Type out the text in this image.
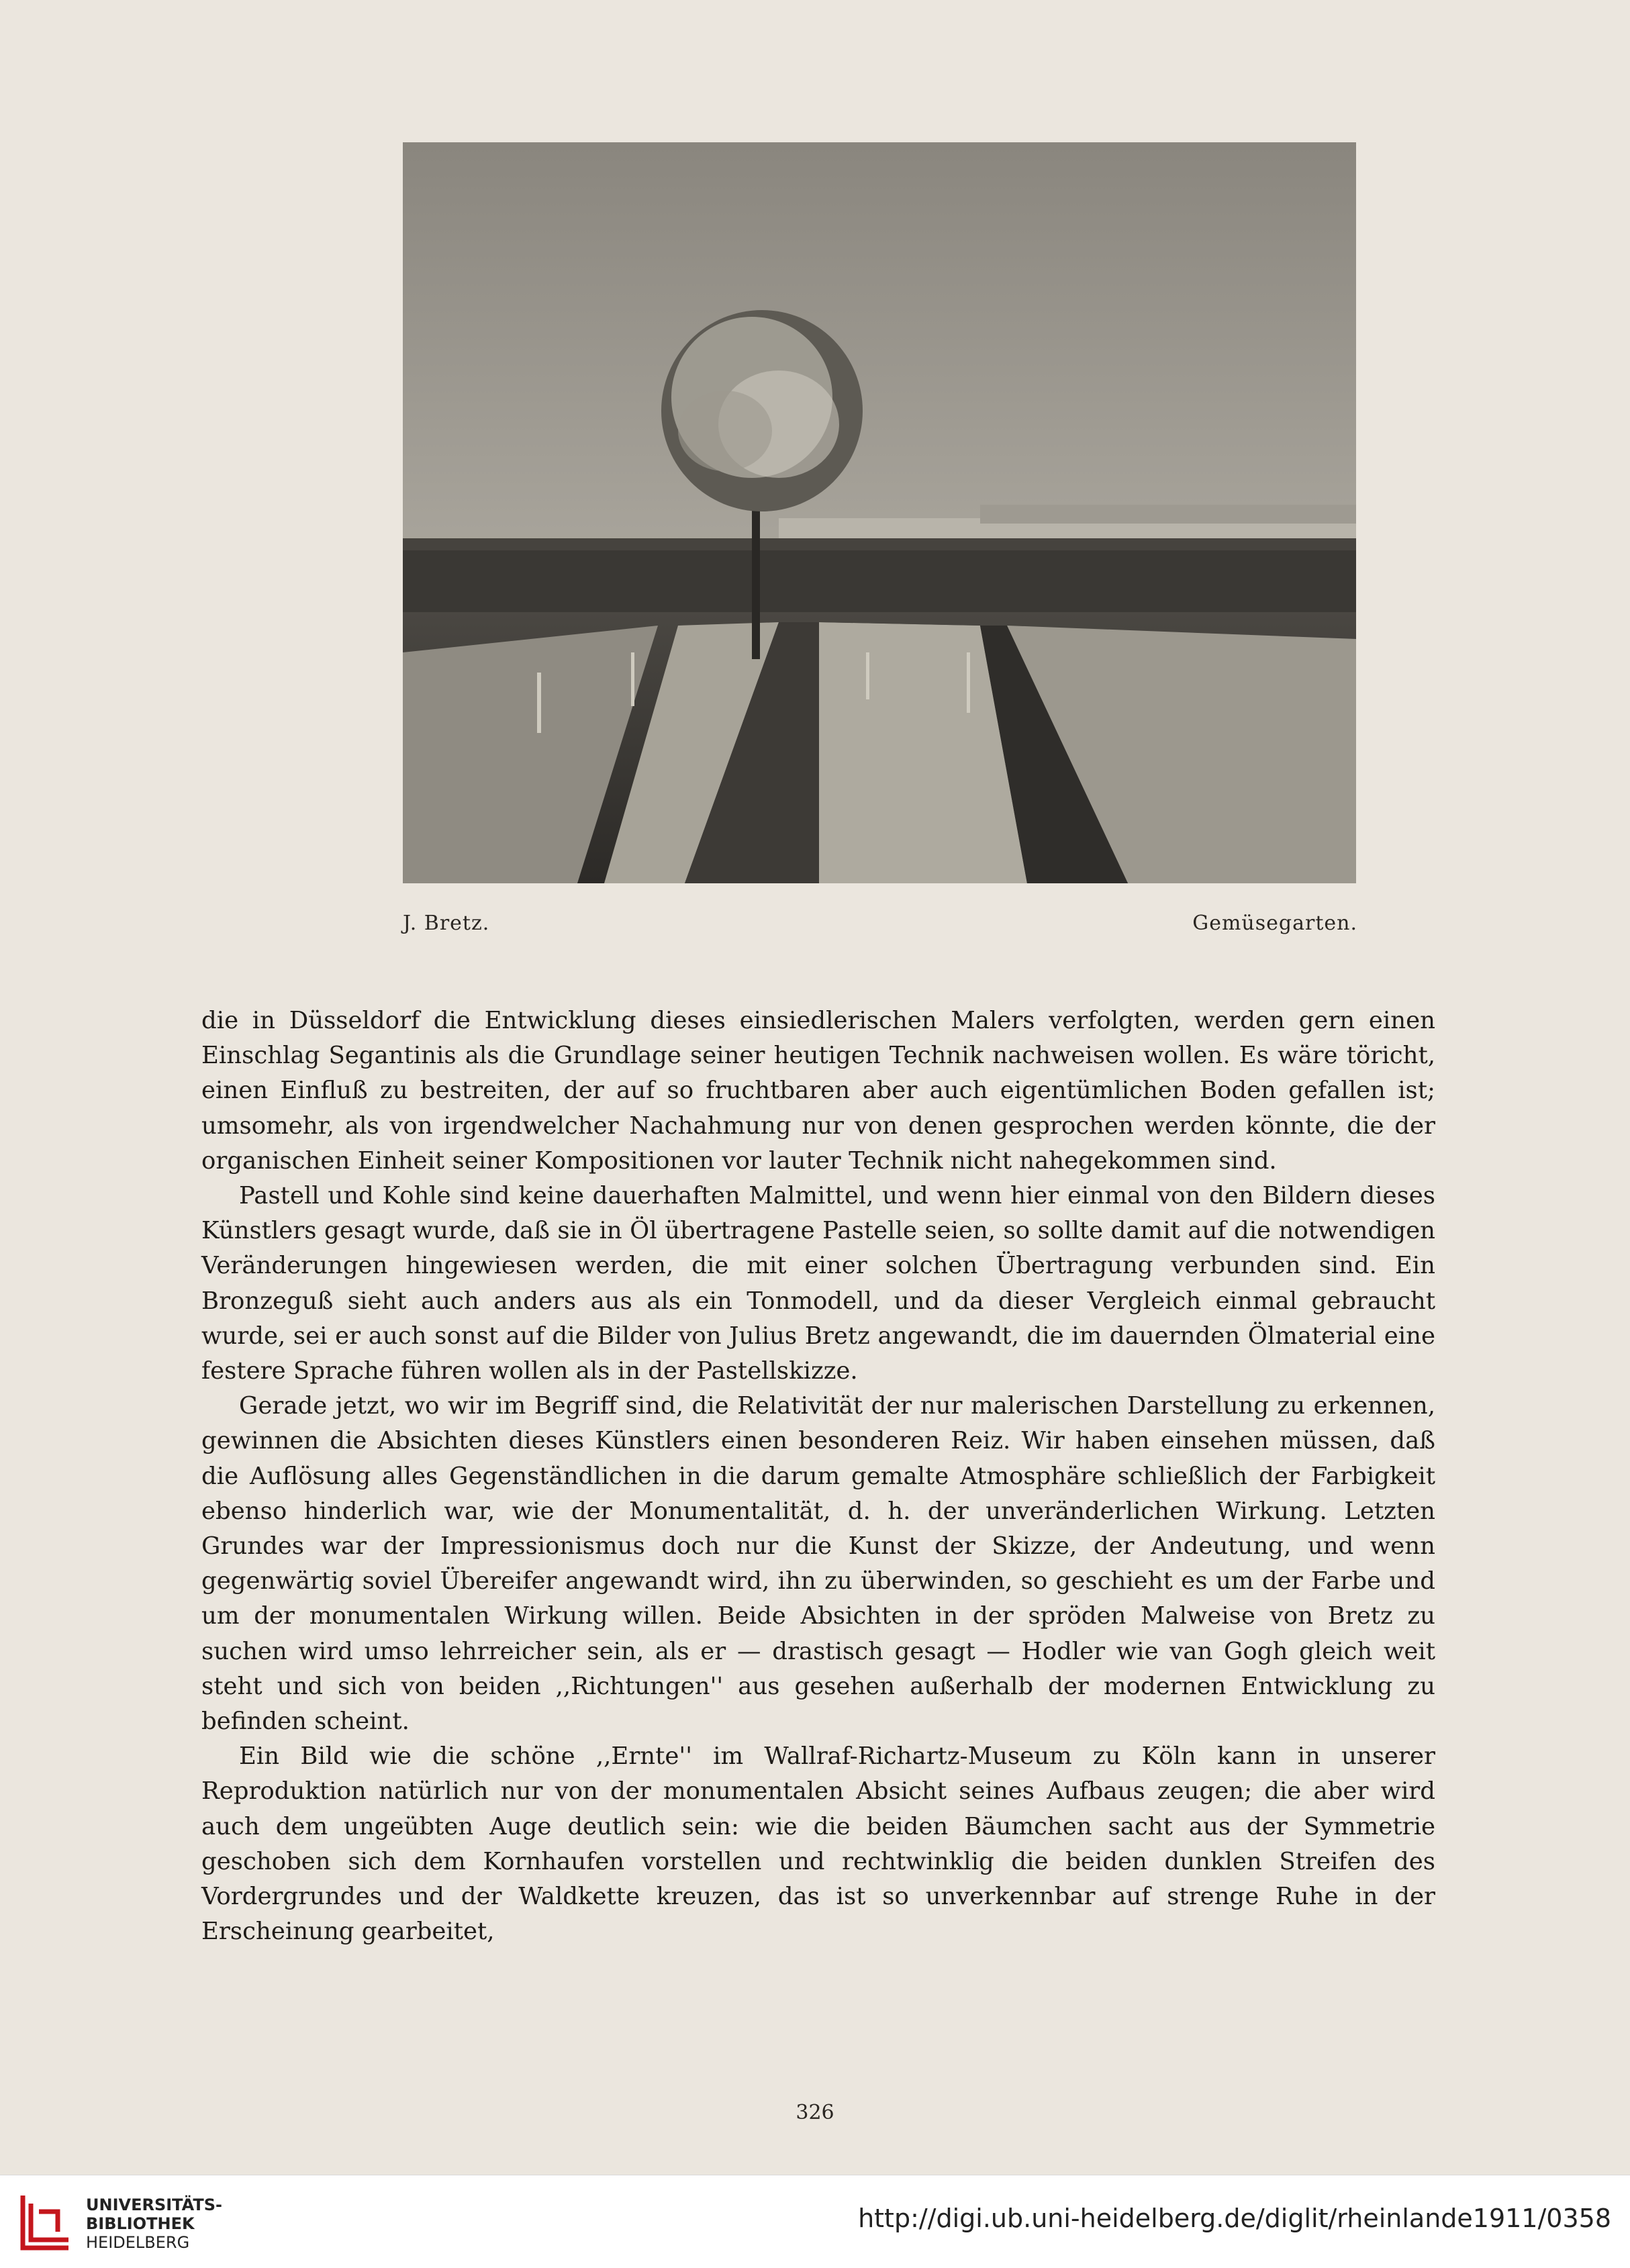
J. Bretz.	Gemüsegarten.

die in Düsseldorf die Entwicklung dieses einsiedlerischen Malers verfolgten, werden gern einen Einschlag Segantinis als die Grundlage seiner heutigen Technik nachweisen wollen. Es wäre töricht, einen Einfluß zu bestreiten, der auf so fruchtbaren aber auch eigentümlichen Boden gefallen ist; umsomehr, als von irgendwelcher Nachahmung nur von denen gesprochen werden könnte, die der organischen Einheit seiner Kompositionen vor lauter Technik nicht nahegekommen sind.

Pastell und Kohle sind keine dauerhaften Malmittel, und wenn hier einmal von den Bildern dieses Künstlers gesagt wurde, daß sie in Öl übertragene Pastelle seien, so sollte damit auf die notwendigen Veränderungen hingewiesen werden, die mit einer solchen Übertragung verbunden sind. Ein Bronzeguß sieht auch anders aus als ein Tonmodell, und da dieser Vergleich einmal gebraucht wurde, sei er auch sonst auf die Bilder von Julius Bretz angewandt, die im dauernden Ölmaterial eine festere Sprache führen wollen als in der Pastellskizze.

Gerade jetzt, wo wir im Begriff sind, die Relativität der nur malerischen Darstellung zu erkennen, gewinnen die Absichten dieses Künstlers einen besonderen Reiz. Wir haben einsehen müssen, daß die Auflösung alles Gegenständlichen in die darum gemalte Atmosphäre schließlich der Farbigkeit ebenso hinderlich war, wie der Monumentalität, d. h. der unveränderlichen Wirkung. Letzten Grundes war der Impressionismus doch nur die Kunst der Skizze, der Andeutung, und wenn gegenwärtig soviel Übereifer angewandt wird, ihn zu überwinden, so geschieht es um der Farbe und um der monumentalen Wirkung willen. Beide Absichten in der spröden Malweise von Bretz zu suchen wird umso lehrreicher sein, als er — drastisch gesagt — Hodler wie van Gogh gleich weit steht und sich von beiden ,,Richtungen'' aus gesehen außerhalb der modernen Entwicklung zu befinden scheint.

Ein Bild wie die schöne ,,Ernte'' im Wallraf-Richartz-Museum zu Köln kann in unserer Reproduktion natürlich nur von der monumentalen Absicht seines Aufbaus zeugen; die aber wird auch dem ungeübten Auge deutlich sein: wie die beiden Bäumchen sacht aus der Symmetrie geschoben sich dem Kornhaufen vorstellen und rechtwinklig die beiden dunklen Streifen des Vordergrundes und der Waldkette kreuzen, das ist so unverkennbar auf strenge Ruhe in der Erscheinung gearbeitet,

326
UNIVERSITÄTS-
BIBLIOTHEK
HEIDELBERG
http://digi.ub.uni-heidelberg.de/diglit/rheinlande1911/0358
